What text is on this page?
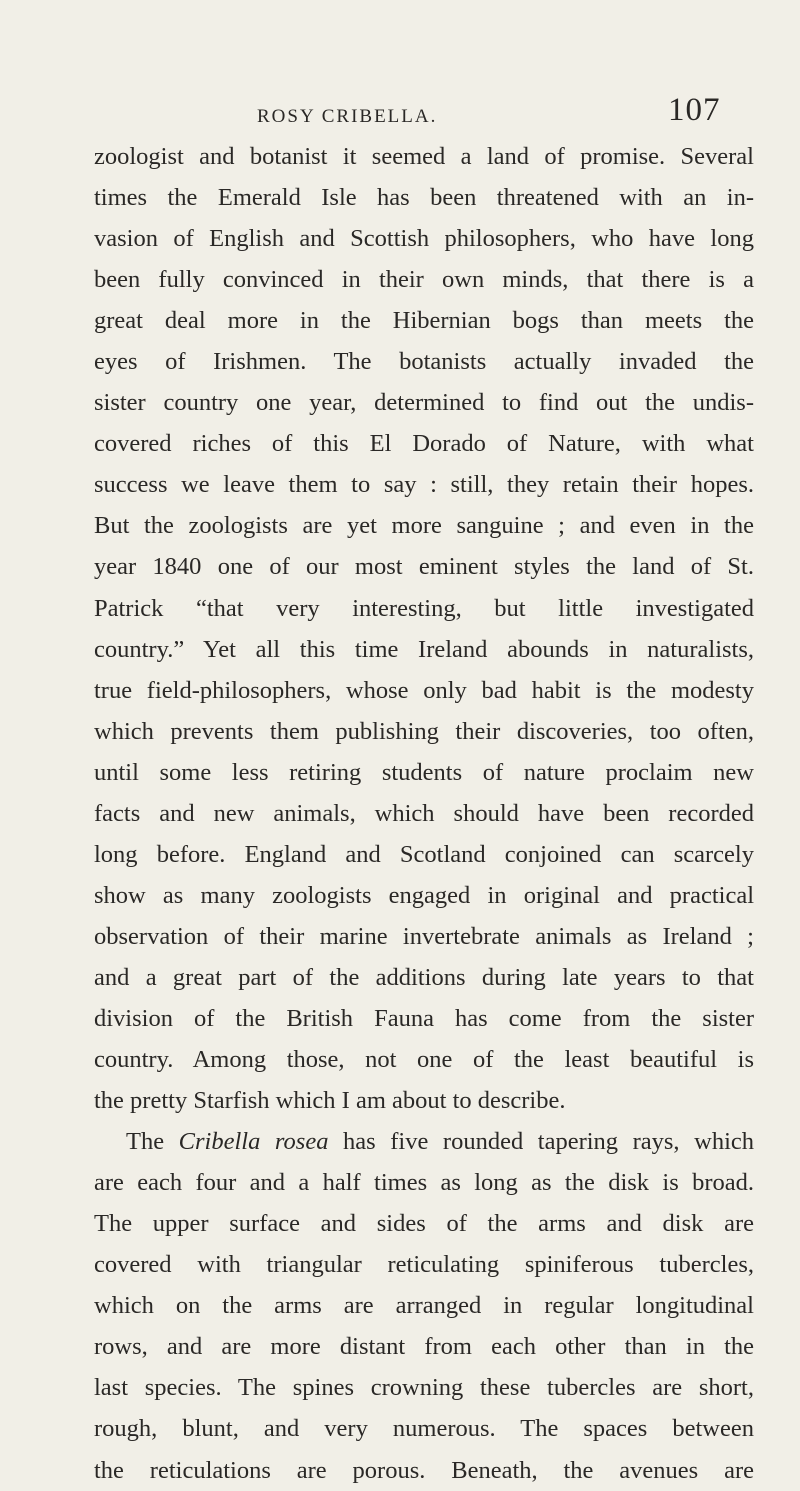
ROSY CRIBELLA.	107
zoologist and botanist it seemed a land of promise. Several
times the Emerald Isle has been threatened with an in-
vasion of English and Scottish philosophers, who have long
been fully convinced in their own minds, that there is a
great deal more in the Hibernian bogs than meets the
eyes of Irishmen. The botanists actually invaded the
sister country one year, determined to find out the undis-
covered riches of this El Dorado of Nature, with what
success we leave them to say : still, they retain their hopes.
But the zoologists are yet more sanguine ; and even in the
year 1840 one of our most eminent styles the land of St.
Patrick “that very interesting, but little investigated
country.” Yet all this time Ireland abounds in naturalists,
true field-philosophers, whose only bad habit is the modesty
which prevents them publishing their discoveries, too often,
until some less retiring students of nature proclaim new
facts and new animals, which should have been recorded
long before. England and Scotland conjoined can scarcely
show as many zoologists engaged in original and practical
observation of their marine invertebrate animals as Ireland ;
and a great part of the additions during late years to that
division of the British Fauna has come from the sister
country. Among those, not one of the least beautiful is
the pretty Starfish which I am about to describe.
The Cribella rosea has five rounded tapering rays, which
are each four and a half times as long as the disk is broad.
The upper surface and sides of the arms and disk are
covered with triangular reticulating spiniferous tubercles,
which on the arms are arranged in regular longitudinal
rows, and are more distant from each other than in the
last species. The spines crowning these tubercles are short,
rough, blunt, and very numerous. The spaces between
the reticulations are porous. Beneath, the avenues are
